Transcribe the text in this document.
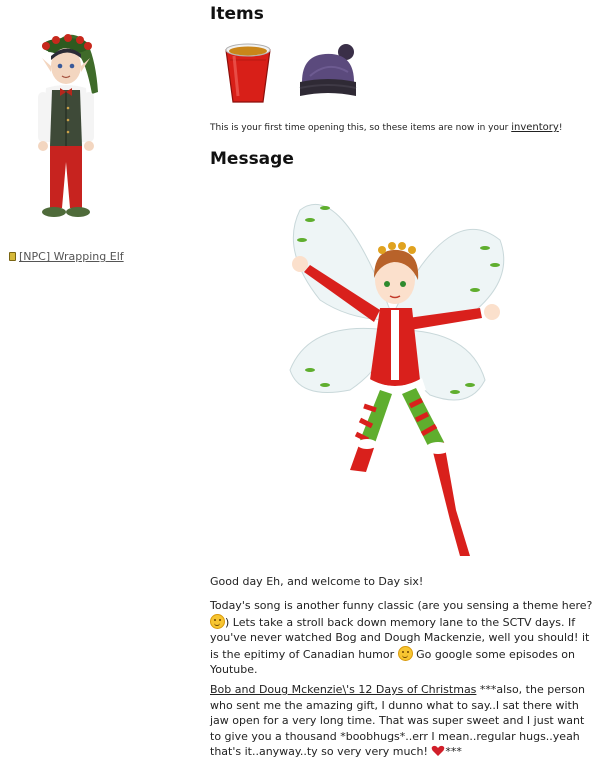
[NPC] Wrapping Elf
Items
This is your first time opening this, so these items are now in your inventory!
Message
Good day Eh, and welcome to Day six!
Today's song is another funny classic (are you sensing a theme here?
) Lets take a stroll back down memory lane to the SCTV days. If you've never watched Bog and Dough Mackenzie, well you should! it is the epitimy of Canadian humor
Go google some episodes on Youtube.
Bob and Doug Mckenzie\'s 12 Days of Christmas ***also, the person who sent me the amazing gift, I dunno what to say..I sat there with jaw open for a very long time. That was super sweet and I just want to give you a thousand *boobhugs*..err I mean..regular hugs..yeah that's it..anyway..ty so very very much! ***
